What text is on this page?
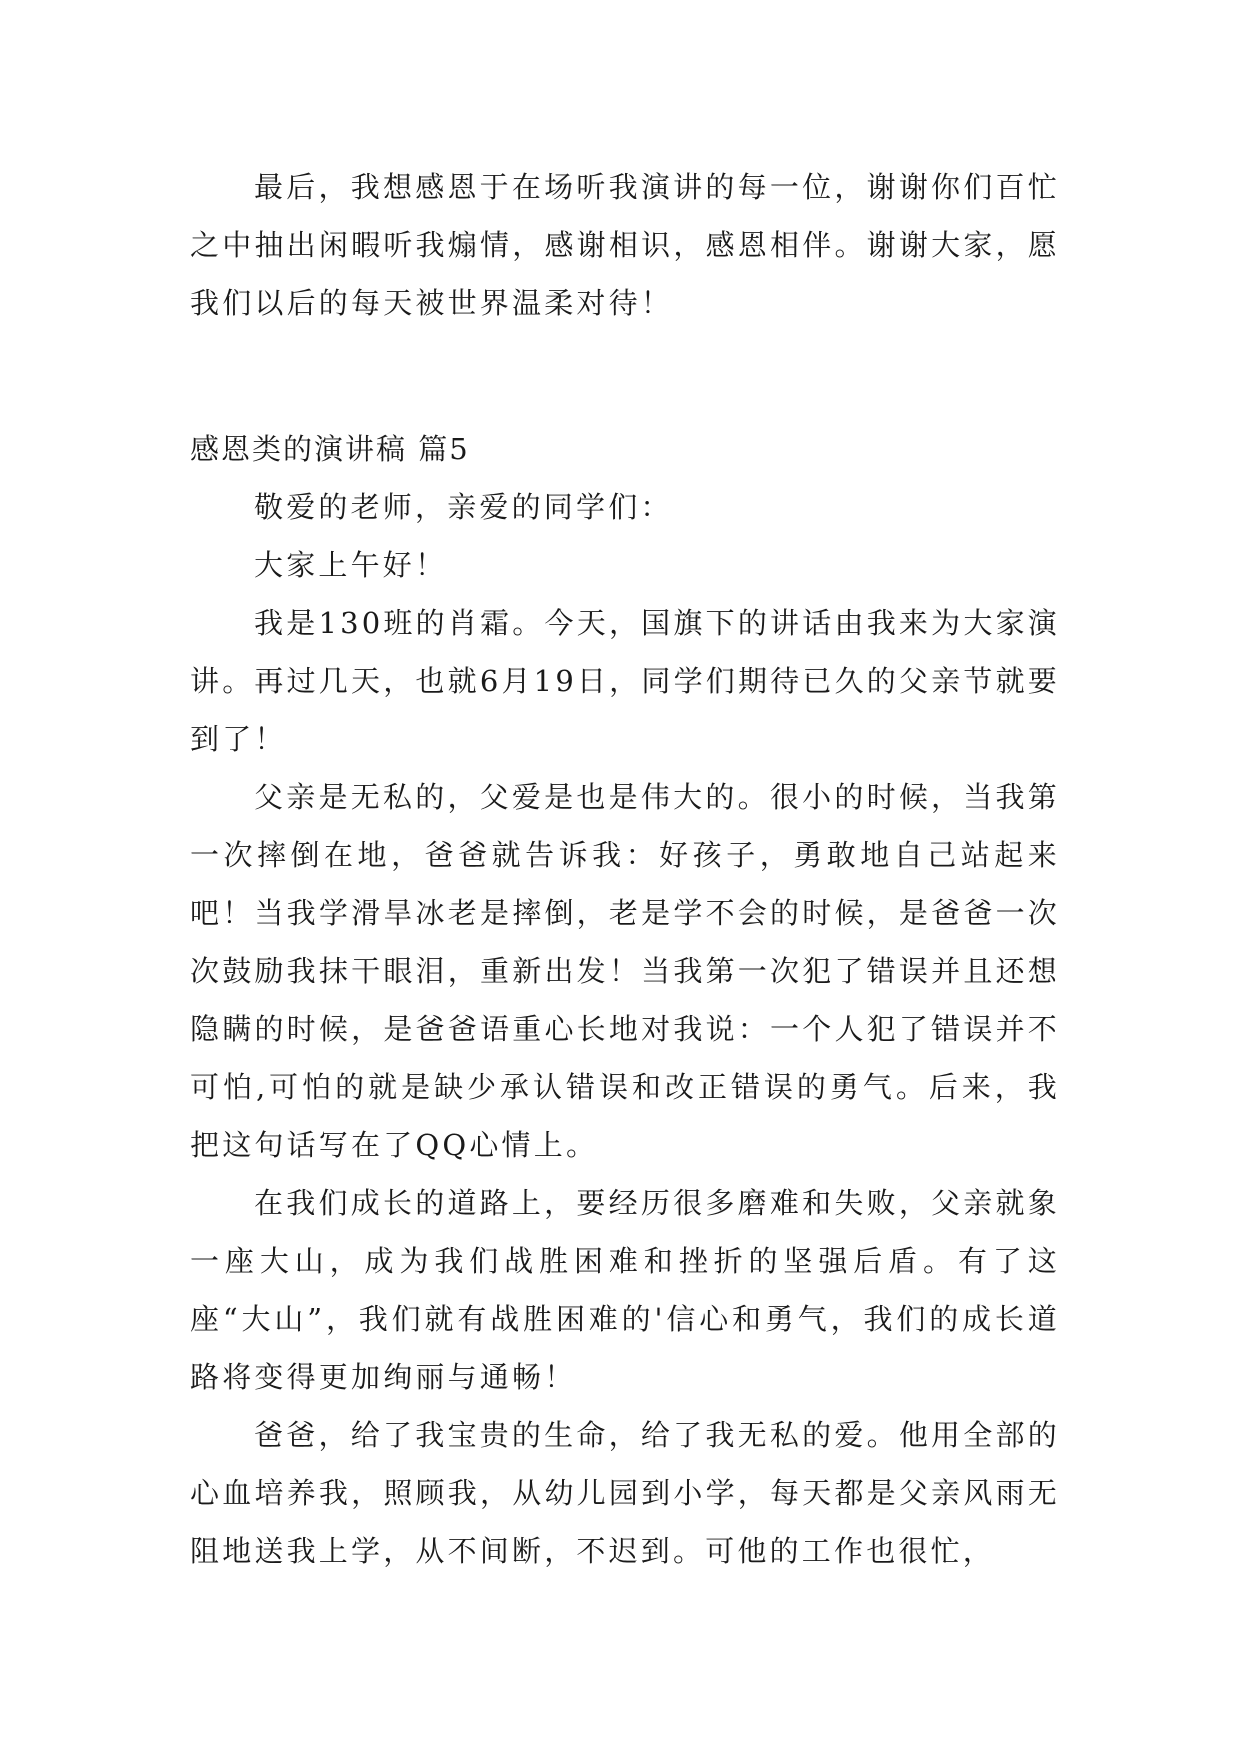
最后，我想感恩于在场听我演讲的每一位，谢谢你们百忙之中抽出闲暇听我煽情，感谢相识，感恩相伴。谢谢大家，愿我们以后的每天被世界温柔对待！

感恩类的演讲稿 篇5

敬爱的老师，亲爱的同学们：

大家上午好！

我是130班的肖霜。今天，国旗下的讲话由我来为大家演讲。再过几天，也就6月19日，同学们期待已久的父亲节就要到了！

父亲是无私的，父爱是也是伟大的。很小的时候，当我第一次摔倒在地，爸爸就告诉我：好孩子，勇敢地自己站起来吧！当我学滑旱冰老是摔倒，老是学不会的时候，是爸爸一次次鼓励我抹干眼泪，重新出发！当我第一次犯了错误并且还想隐瞒的时候，是爸爸语重心长地对我说：一个人犯了错误并不可怕,可怕的就是缺少承认错误和改正错误的勇气。后来，我把这句话写在了QQ心情上。

在我们成长的道路上，要经历很多磨难和失败，父亲就象一座大山，成为我们战胜困难和挫折的坚强后盾。有了这座“大山”，我们就有战胜困难的'信心和勇气，我们的成长道路将变得更加绚丽与通畅！

爸爸，给了我宝贵的生命，给了我无私的爱。他用全部的心血培养我，照顾我，从幼儿园到小学，每天都是父亲风雨无阻地送我上学，从不间断，不迟到。可他的工作也很忙，
